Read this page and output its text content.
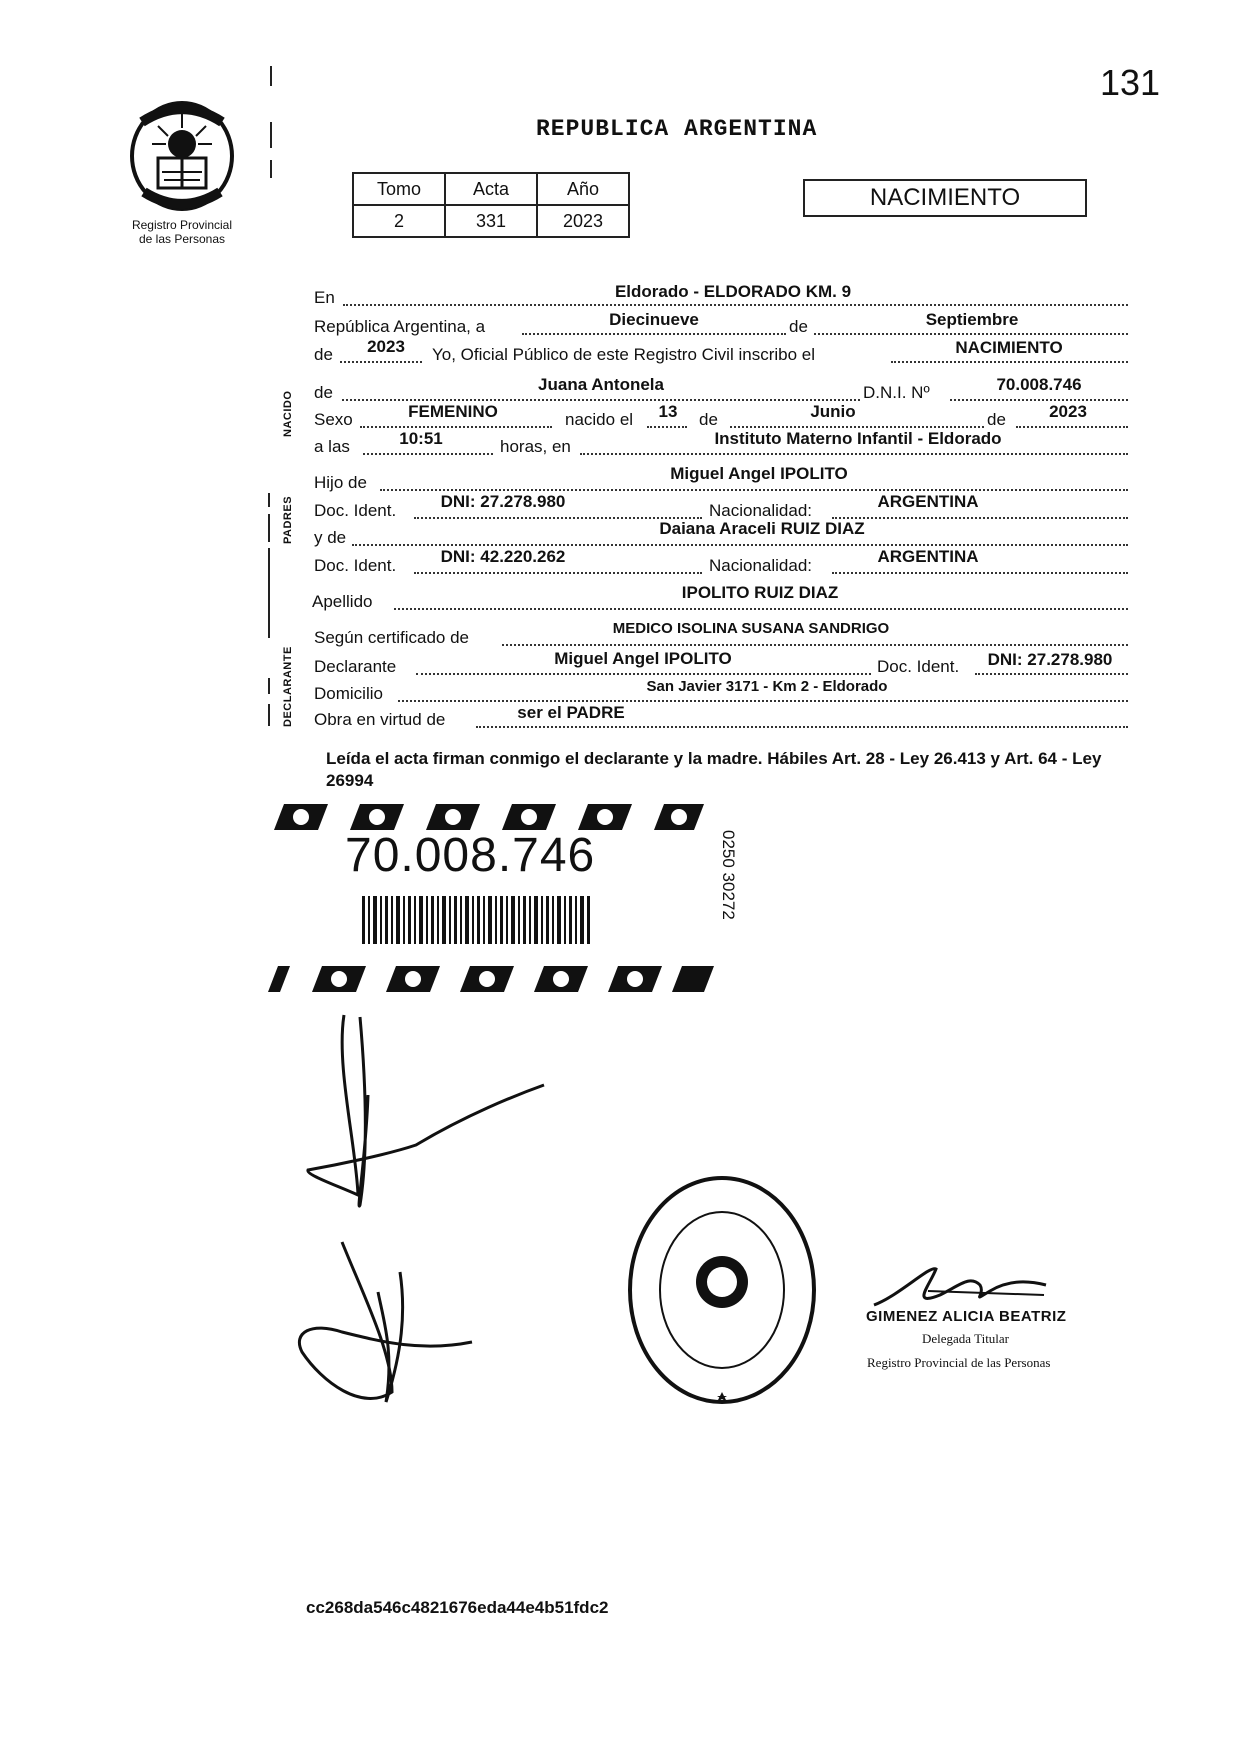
131
Registro Provincial
de las Personas
REPUBLICA ARGENTINA
Tomo	Acta	Año
2	331	2023
NACIMIENTO
NACIDO
PADRES
DECLARANTE
En	Eldorado - ELDORADO KM. 9
República Argentina, a	Diecinueve	de	Septiembre
de 2023 Yo, Oficial Público de este Registro Civil inscribo el	NACIMIENTO
de	Juana Antonela	D.N.I. Nº	70.008.746
Sexo	FEMENINO	nacido el 13 de	Junio	de	2023
a las	10:51	horas, en	Instituto Materno Infantil - Eldorado
Hijo de	Miguel Angel IPOLITO
Doc. Ident.	DNI: 27.278.980	Nacionalidad:	ARGENTINA
y de	Daiana Araceli RUIZ DIAZ
Doc. Ident.	DNI: 42.220.262	Nacionalidad:	ARGENTINA
Apellido	IPOLITO RUIZ DIAZ
Según certificado de	MEDICO ISOLINA SUSANA SANDRIGO
Declarante	Miguel Angel IPOLITO	Doc. Ident. DNI: 27.278.980
Domicilio	San Javier 3171 - Km 2 - Eldorado
Obra en virtud de	ser el PADRE
Leída el acta firman conmigo el declarante y la madre. Hábiles Art. 28 - Ley 26.413 y Art. 64 - Ley 26994
70.008.746	0250 30272
GIMENEZ ALICIA BEATRIZ
Delegada Titular
Registro Provincial de las Personas
cc268da546c4821676eda44e4b51fdc2
